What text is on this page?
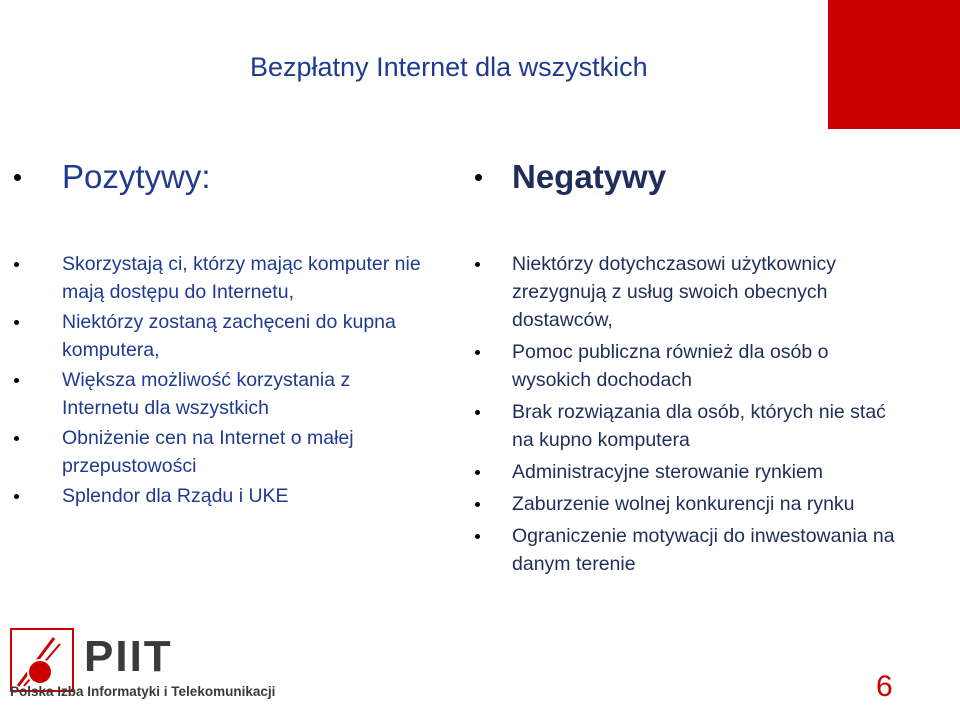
Bezpłatny Internet dla wszystkich
Pozytywy:	Negatywy
Skorzystają ci, którzy mając komputer nie mają dostępu do Internetu,
Niektórzy zostaną zachęceni do kupna komputera,
Większa możliwość korzystania z Internetu dla wszystkich
Obniżenie cen na Internet o małej przepustowości
Splendor dla Rządu i UKE
Niektórzy dotychczasowi użytkownicy zrezygnują z usług swoich obecnych dostawców,
Pomoc publiczna również dla osób o wysokich dochodach
Brak rozwiązania dla osób, których nie stać na kupno komputera
Administracyjne sterowanie rynkiem
Zaburzenie wolnej konkurencji na rynku
Ograniczenie motywacji do inwestowania na danym terenie
PIIT
Polska Izba Informatyki i Telekomunikacji	6
